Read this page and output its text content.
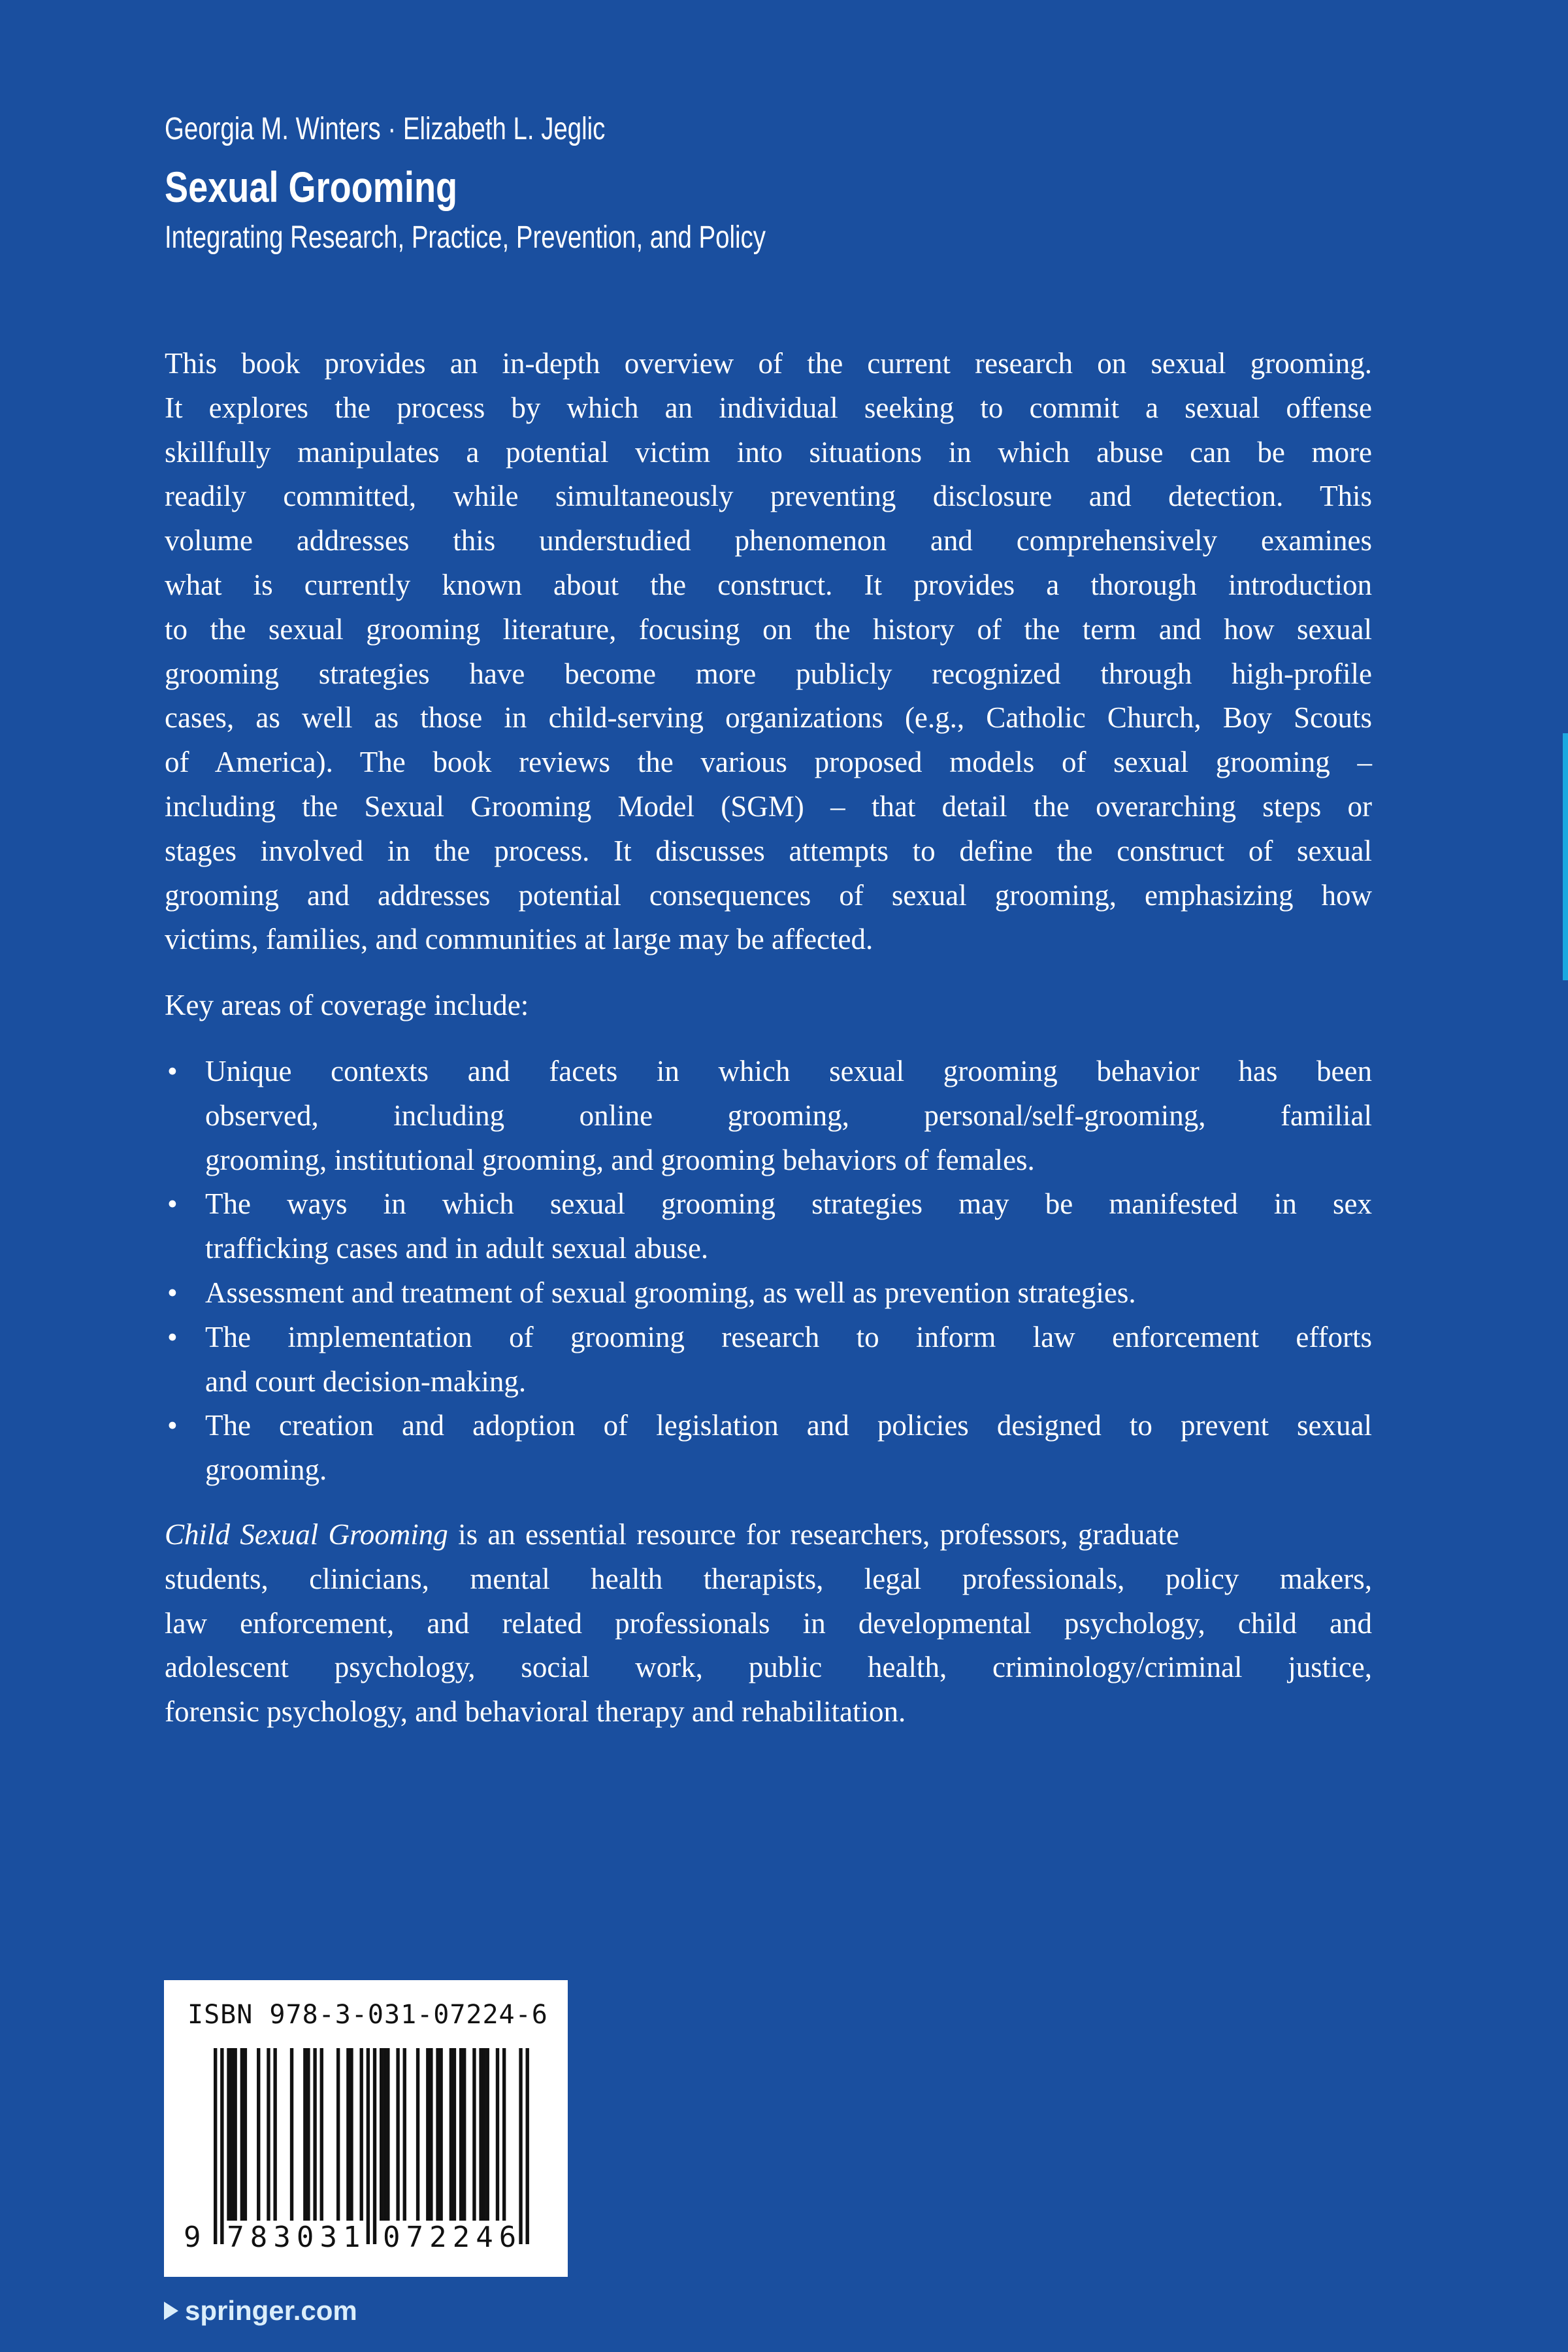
Georgia M. Winters · Elizabeth L. Jeglic
Sexual Grooming
Integrating Research, Practice, Prevention, and Policy
This book provides an in-depth overview of the current research on sexual grooming.
It explores the process by which an individual seeking to commit a sexual offense
skillfully manipulates a potential victim into situations in which abuse can be more
readily committed, while simultaneously preventing disclosure and detection. This
volume addresses this understudied phenomenon and comprehensively examines
what is currently known about the construct. It provides a thorough introduction
to the sexual grooming literature, focusing on the history of the term and how sexual
grooming strategies have become more publicly recognized through high-profile
cases, as well as those in child-serving organizations (e.g., Catholic Church, Boy Scouts
of America). The book reviews the various proposed models of sexual grooming –
including the Sexual Grooming Model (SGM) – that detail the overarching steps or
stages involved in the process. It discusses attempts to define the construct of sexual
grooming and addresses potential consequences of sexual grooming, emphasizing how
victims, families, and communities at large may be affected.
Key areas of coverage include:
• Unique contexts and facets in which sexual grooming behavior has been
observed, including online grooming, personal/self-grooming, familial
grooming, institutional grooming, and grooming behaviors of females.
• The ways in which sexual grooming strategies may be manifested in sex
trafficking cases and in adult sexual abuse.
• Assessment and treatment of sexual grooming, as well as prevention strategies.
• The implementation of grooming research to inform law enforcement efforts
and court decision-making.
• The creation and adoption of legislation and policies designed to prevent sexual
grooming.
Child Sexual Grooming is an essential resource for researchers, professors, graduate
students, clinicians, mental health therapists, legal professionals, policy makers,
law enforcement, and related professionals in developmental psychology, child and
adolescent psychology, social work, public health, criminology/criminal justice,
forensic psychology, and behavioral therapy and rehabilitation.
ISBN 978-3-031-07224-6
9 7 8 3 0 3 1 0 7 2 2 4 6
springer.com
